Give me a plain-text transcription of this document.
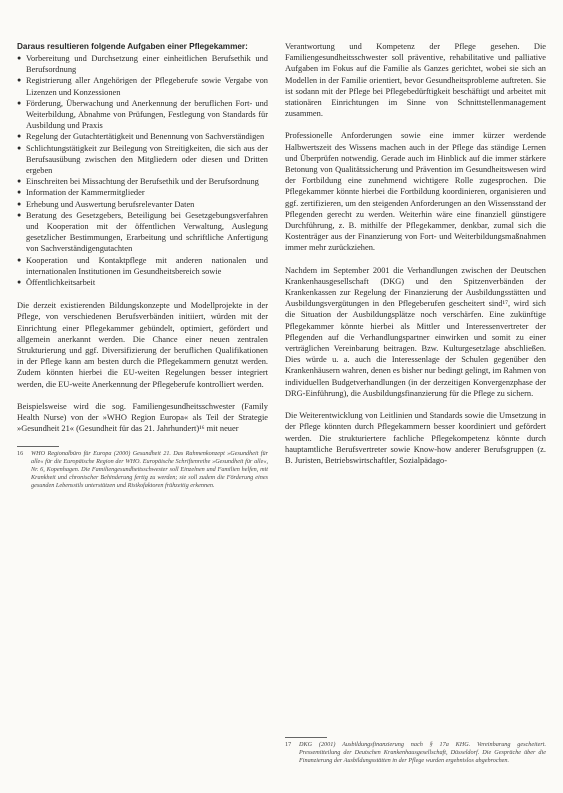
Daraus resultieren folgende Aufgaben einer Pflegekammer:
● Vorbereitung und Durchsetzung einer einheitlichen Berufsethik und Berufsordnung
● Registrierung aller Angehörigen der Pflegeberufe sowie Vergabe von Lizenzen und Konzessionen
● Förderung, Überwachung und Anerkennung der beruflichen Fort- und Weiterbildung, Abnahme von Prüfungen, Festlegung von Standards für Ausbildung und Praxis
● Regelung der Gutachtertätigkeit und Benennung von Sachverständigen
● Schlichtungstätigkeit zur Beilegung von Streitigkeiten, die sich aus der Berufsausübung zwischen den Mitgliedern oder diesen und Dritten ergeben
● Einschreiten bei Missachtung der Berufsethik und der Berufsordnung
● Information der Kammermitglieder
● Erhebung und Auswertung berufsrelevanter Daten
● Beratung des Gesetzgebers, Beteiligung bei Gesetzgebungsverfahren und Kooperation mit der öffentlichen Verwaltung, Auslegung gesetzlicher Bestimmungen, Erarbeitung und schriftliche Anfertigung von Sachverständigengutachten
● Kooperation und Kontaktpflege mit anderen nationalen und internationalen Institutionen im Gesundheitsbereich sowie
● Öffentlichkeitsarbeit

Die derzeit existierenden Bildungskonzepte und Modellprojekte in der Pflege, von verschiedenen Berufsverbänden initiiert, würden mit der Einrichtung einer Pflegekammer gebündelt, optimiert, gefördert und allgemein anerkannt werden. Die Chance einer neuen zentralen Strukturierung und ggf. Diversifizierung der beruflichen Qualifikationen in der Pflege kann am besten durch die Pflegekammern genutzt werden. Zudem könnten hierbei die EU-weiten Regelungen besser integriert werden, die EU-weite Anerkennung der Pflegeberufe kontrolliert werden.

Beispielsweise wird die sog. Familiengesundheitsschwester (Family Health Nurse) von der »WHO Region Europa« als Teil der Strategie »Gesundheit 21« (Gesundheit für das 21. Jahrhundert)¹⁶ mit neuer

16 WHO Regionalbüro für Europa (2000) Gesundheit 21. Das Rahmenkonzept »Gesundheit für alle« für die Europäische Region der WHO. Europäische Schriftenreihe »Gesundheit für alle«, Nr. 6, Kopenhagen. Die Familiengesundheitsschwester soll Einzelnen und Familien helfen, mit Krankheit und chronischer Behinderung fertig zu werden; sie soll zudem die Förderung eines gesunden Lebensstils unterstützen und Risikofaktoren frühzeitig erkennen.

Verantwortung und Kompetenz der Pflege gesehen. Die Familiengesundheitsschwester soll präventive, rehabilitative und palliative Aufgaben im Fokus auf die Familie als Ganzes gerichtet, wobei sie sich an Modellen in der Familie orientiert, bevor Gesundheitsprobleme auftreten. Sie ist sodann mit der Pflege bei Pflegebedürftigkeit beschäftigt und arbeitet mit stationären Einrichtungen im Sinne von Schnittstellenmanagement zusammen.

Professionelle Anforderungen sowie eine immer kürzer werdende Halbwertszeit des Wissens machen auch in der Pflege das ständige Lernen und Überprüfen notwendig. Gerade auch im Hinblick auf die immer stärkere Betonung von Qualitätssicherung und Prävention im Gesundheitswesen wird der Fortbildung eine zunehmend wichtigere Rolle zugesprochen. Die Pflegekammer könnte hierbei die Fortbildung koordinieren, organisieren und ggf. zertifizieren, um den steigenden Anforderungen an den Wissensstand der Pflegenden gerecht zu werden. Weiterhin wäre eine finanziell günstigere Durchführung, z. B. mithilfe der Pflegekammer, denkbar, zumal sich die Kostenträger aus der Finanzierung von Fort- und Weiterbildungsmaßnahmen immer mehr zurückziehen.

Nachdem im September 2001 die Verhandlungen zwischen der Deutschen Krankenhausgesellschaft (DKG) und den Spitzenverbänden der Krankenkassen zur Regelung der Finanzierung der Ausbildungsstätten und Ausbildungsvergütungen in den Pflegeberufen gescheitert sind¹⁷, wird sich die Situation der Ausbildungsplätze noch verschärfen. Eine zukünftige Pflegekammer könnte hierbei als Mittler und Interessenvertreter der Pflegenden auf die Verhandlungspartner einwirken und somit zu einer verträglichen Vereinbarung beitragen. Bzw. Kulturgesetzlage abschließen. Dies würde u. a. auch die Interessenlage der Schulen gegenüber den Krankenhäusern wahren, denen es bisher nur bedingt gelingt, im Rahmen von individuellen Budgetverhandlungen (in der derzeitigen Konvergenzphase der DRG-Einführung), die Ausbildungsfinanzierung für die Pflege zu sichern.

Die Weiterentwicklung von Leitlinien und Standards sowie die Umsetzung in der Pflege könnten durch Pflegekammern besser koordiniert und gefördert werden. Die strukturiertere fachliche Pflegekompetenz könnte durch hauptamtliche Berufsvertreter sowie Know-how anderer Berufsgruppen (z. B. Juristen, Betriebswirtschaftler, Sozialpädago-

17 DKG (2001) Ausbildungsfinanzierung nach § 17a KHG. Vereinbarung gescheitert. Pressemitteilung der Deutschen Krankenhausgesellschaft, Düsseldorf. Die Gespräche über die Finanzierung der Ausbildungsstätten in der Pflege wurden ergebnislos abgebrochen.
